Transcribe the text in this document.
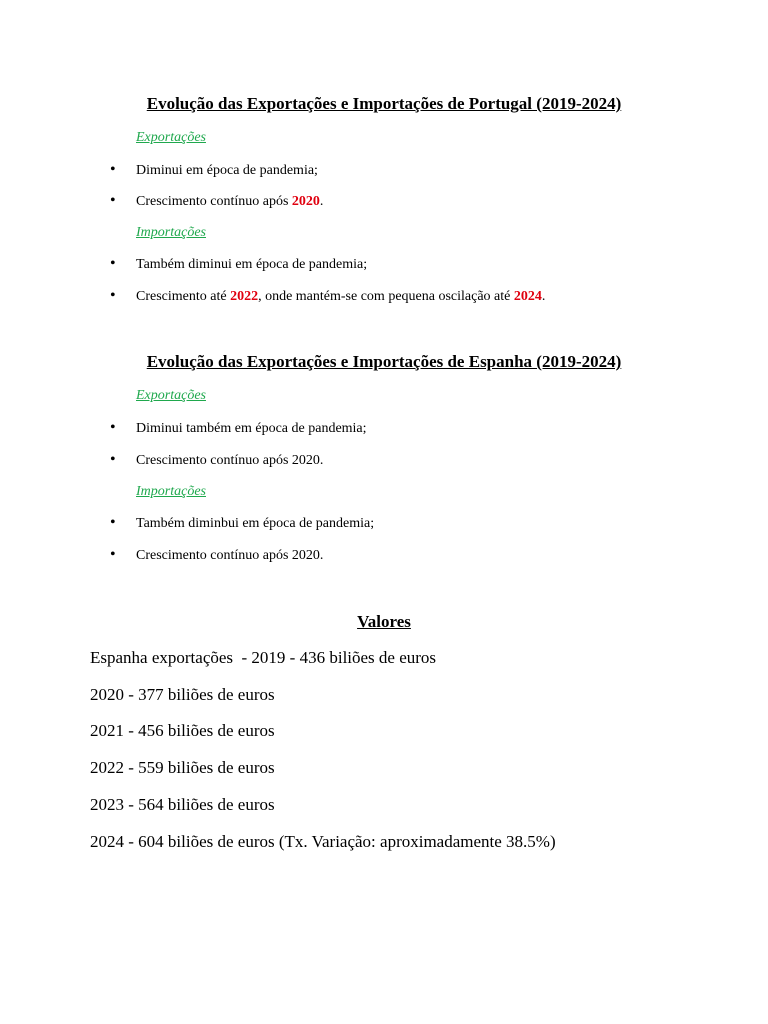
Evolução das Exportações e Importações de Portugal (2019-2024)
Exportações
• Diminui em época de pandemia;
• Crescimento contínuo após 2020.
Importações
• Também diminui em época de pandemia;
• Crescimento até 2022, onde mantém-se com pequena oscilação até 2024.
Evolução das Exportações e Importações de Espanha (2019-2024)
Exportações
• Diminui também em época de pandemia;
• Crescimento contínuo após 2020.
Importações
• Também diminbui em época de pandemia;
• Crescimento contínuo após 2020.
Valores
Espanha exportações  - 2019 - 436 biliões de euros
2020 - 377 biliões de euros
2021 - 456 biliões de euros
2022 - 559 biliões de euros
2023 - 564 biliões de euros
2024 - 604 biliões de euros (Tx. Variação: aproximadamente 38.5%)
